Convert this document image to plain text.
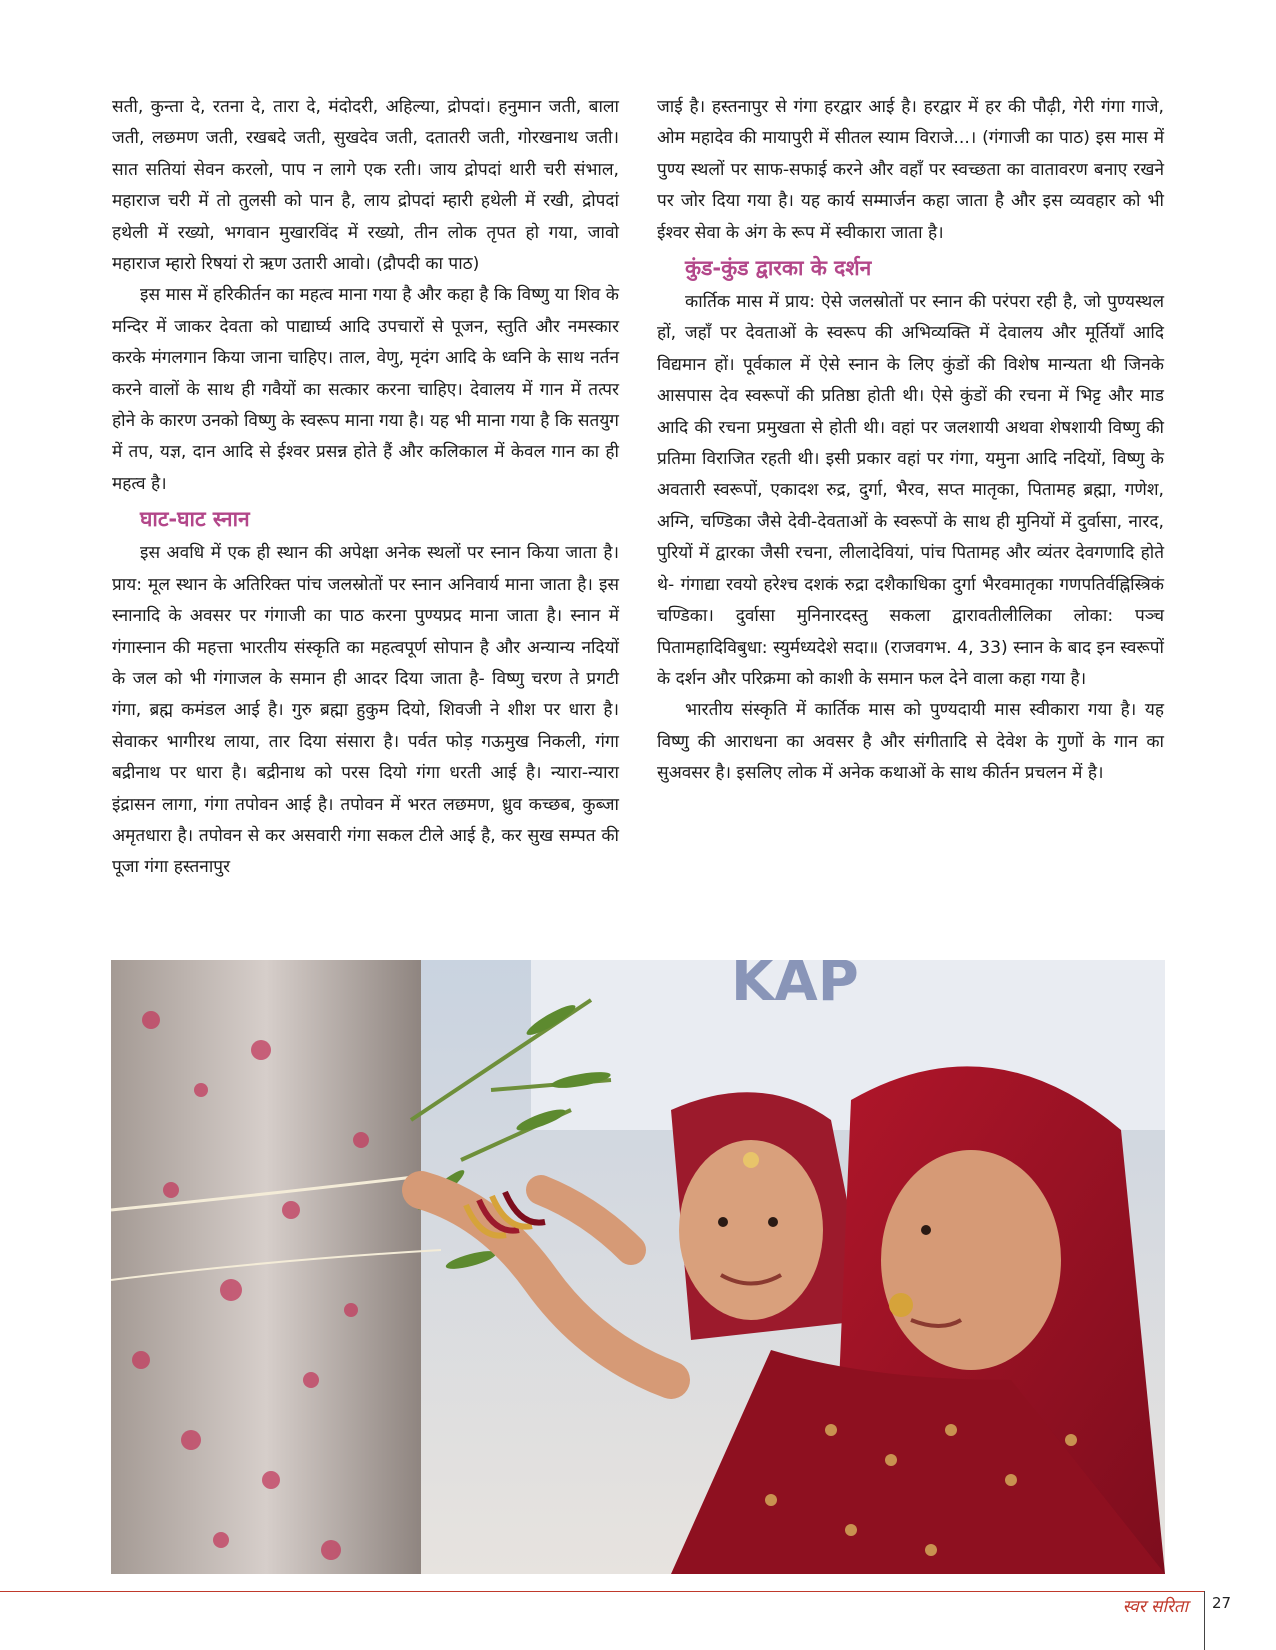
सती, कुन्ता दे, रतना दे, तारा दे, मंदोदरी, अहिल्या, द्रोपदां। हनुमान जती, बाला जती, लछमण जती, रखबदे जती, सुखदेव जती, दतातरी जती, गोरखनाथ जती। सात सतियां सेवन करलो, पाप न लागे एक रती। जाय द्रोपदां थारी चरी संभाल, महाराज चरी में तो तुलसी को पान है, लाय द्रोपदां म्हारी हथेली में रखी, द्रोपदां हथेली में रख्यो, भगवान मुखारविंद में रख्यो, तीन लोक तृपत हो गया, जावो महाराज म्हारो रिषयां रो ऋण उतारी आवो। (द्रौपदी का पाठ)

इस मास में हरिकीर्तन का महत्व माना गया है और कहा है कि विष्णु या शिव के मन्दिर में जाकर देवता को पाद्यार्घ्य आदि उपचारों से पूजन, स्तुति और नमस्कार करके मंगलगान किया जाना चाहिए। ताल, वेणु, मृदंग आदि के ध्वनि के साथ नर्तन करने वालों के साथ ही गवैयों का सत्कार करना चाहिए। देवालय में गान में तत्पर होने के कारण उनको विष्णु के स्वरूप माना गया है। यह भी माना गया है कि सतयुग में तप, यज्ञ, दान आदि से ईश्वर प्रसन्न होते हैं और कलिकाल में केवल गान का ही महत्व है।

घाट-घाट स्नान

इस अवधि में एक ही स्थान की अपेक्षा अनेक स्थलों पर स्नान किया जाता है। प्राय: मूल स्थान के अतिरिक्त पांच जलस्रोतों पर स्नान अनिवार्य माना जाता है। इस स्नानादि के अवसर पर गंगाजी का पाठ करना पुण्यप्रद माना जाता है। स्नान में गंगास्नान की महत्ता भारतीय संस्कृति का महत्वपूर्ण सोपान है और अन्यान्य नदियों के जल को भी गंगाजल के समान ही आदर दिया जाता है- विष्णु चरण ते प्रगटी गंगा, ब्रह्म कमंडल आई है। गुरु ब्रह्मा हुकुम दियो, शिवजी ने शीश पर धारा है। सेवाकर भागीरथ लाया, तार दिया संसारा है। पर्वत फोड़ गऊमुख निकली, गंगा बद्रीनाथ पर धारा है। बद्रीनाथ को परस दियो गंगा धरती आई है। न्यारा-न्यारा इंद्रासन लागा, गंगा तपोवन आई है। तपोवन में भरत लछमण, ध्रुव कच्छब, कुब्जा अमृतधारा है। तपोवन से कर असवारी गंगा सकल टीले आई है, कर सुख सम्पत की पूजा गंगा हस्तनापुर

जाई है। हस्तनापुर से गंगा हरद्वार आई है। हरद्वार में हर की पौढ़ी, गेरी गंगा गाजे, ओम महादेव की मायापुरी में सीतल स्याम विराजे...। (गंगाजी का पाठ) इस मास में पुण्य स्थलों पर साफ-सफाई करने और वहाँ पर स्वच्छता का वातावरण बनाए रखने पर जोर दिया गया है। यह कार्य सम्मार्जन कहा जाता है और इस व्यवहार को भी ईश्वर सेवा के अंग के रूप में स्वीकारा जाता है।

कुंड-कुंड द्वारका के दर्शन

कार्तिक मास में प्राय: ऐसे जलस्रोतों पर स्नान की परंपरा रही है, जो पुण्यस्थल हों, जहाँ पर देवताओं के स्वरूप की अभिव्यक्ति में देवालय और मूर्तियाँ आदि विद्यमान हों। पूर्वकाल में ऐसे स्नान के लिए कुंडों की विशेष मान्यता थी जिनके आसपास देव स्वरूपों की प्रतिष्ठा होती थी। ऐसे कुंडों की रचना में भिट्ट और माड आदि की रचना प्रमुखता से होती थी। वहां पर जलशायी अथवा शेषशायी विष्णु की प्रतिमा विराजित रहती थी। इसी प्रकार वहां पर गंगा, यमुना आदि नदियों, विष्णु के अवतारी स्वरूपों, एकादश रुद्र, दुर्गा, भैरव, सप्त मातृका, पितामह ब्रह्मा, गणेश, अग्नि, चण्डिका जैसे देवी-देवताओं के स्वरूपों के साथ ही मुनियों में दुर्वासा, नारद, पुरियों में द्वारका जैसी रचना, लीलादेवियां, पांच पितामह और व्यंतर देवगणादि होते थे- गंगाद्या रवयो हरेश्च दशकं रुद्रा दशैकाधिका दुर्गा भैरवमातृका गणपतिर्वह्निस्त्रिकं चण्डिका। दुर्वासा मुनिनारदस्तु सकला द्वारावतीलीलिका लोका: पञ्च पितामहादिविबुधा: स्युर्मध्यदेशे सदा॥ (राजवगभ. 4, 33) स्नान के बाद इन स्वरूपों के दर्शन और परिक्रमा को काशी के समान फल देने वाला कहा गया है।

भारतीय संस्कृति में कार्तिक मास को पुण्यदायी मास स्वीकारा गया है। यह विष्णु की आराधना का अवसर है और संगीतादि से देवेश के गुणों के गान का सुअवसर है। इसलिए लोक में अनेक कथाओं के साथ कीर्तन प्रचलन में है।

KAP
स्वर सरिता 27
